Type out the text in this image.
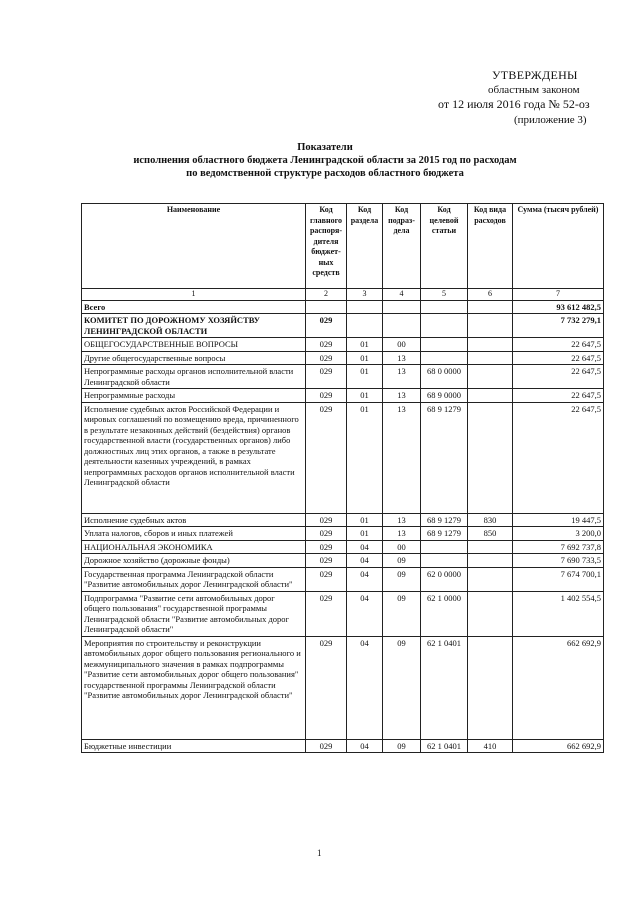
УТВЕРЖДЕНЫ
областным законом
от 12 июля 2016 года № 52-оз
(приложение 3)
Показатели
исполнения областного бюджета Ленинградской области за 2015 год по расходам
по ведомственной структуре расходов областного бюджета
Наименование	Код главного распоря-дителя бюджет-ных средств	Код раздела	Код подраз-дела	Код целевой статьи	Код вида расходов	Сумма (тысяч рублей)
1	2	3	4	5	6	7
Всего						93 612 482,5
КОМИТЕТ ПО ДОРОЖНОМУ ХОЗЯЙСТВУ ЛЕНИНГРАДСКОЙ ОБЛАСТИ	029					7 732 279,1
ОБЩЕГОСУДАРСТВЕННЫЕ ВОПРОСЫ	029	01	00			22 647,5
Другие общегосударственные вопросы	029	01	13			22 647,5
Непрограммные расходы органов исполнительной власти Ленинградской области	029	01	13	68 0 0000		22 647,5
Непрограммные расходы	029	01	13	68 9 0000		22 647,5
Исполнение судебных актов Российской Федерации и мировых соглашений по возмещению вреда, причиненного в результате незаконных действий (бездействия) органов государственной власти (государственных органов) либо должностных лиц этих органов, а также в результате деятельности казенных учреждений, в рамках непрограммных расходов органов исполнительной власти Ленинградской области	029	01	13	68 9 1279		22 647,5
Исполнение судебных актов	029	01	13	68 9 1279	830	19 447,5
Уплата налогов, сборов и иных платежей	029	01	13	68 9 1279	850	3 200,0
НАЦИОНАЛЬНАЯ ЭКОНОМИКА	029	04	00			7 692 737,8
Дорожное хозяйство (дорожные фонды)	029	04	09			7 690 733,5
Государственная программа Ленинградской области "Развитие автомобильных дорог Ленинградской области"	029	04	09	62 0 0000		7 674 700,1
Подпрограмма "Развитие сети автомобильных дорог общего пользования" государственной программы Ленинградской области "Развитие автомобильных дорог Ленинградской области"	029	04	09	62 1 0000		1 402 554,5
Мероприятия по строительству и реконструкции автомобильных дорог общего пользования регионального и межмуниципального значения в рамках подпрограммы "Развитие сети автомобильных дорог общего пользования" государственной программы Ленинградской области "Развитие автомобильных дорог Ленинградской области"	029	04	09	62 1 0401		662 692,9
Бюджетные инвестиции	029	04	09	62 1 0401	410	662 692,9
1
